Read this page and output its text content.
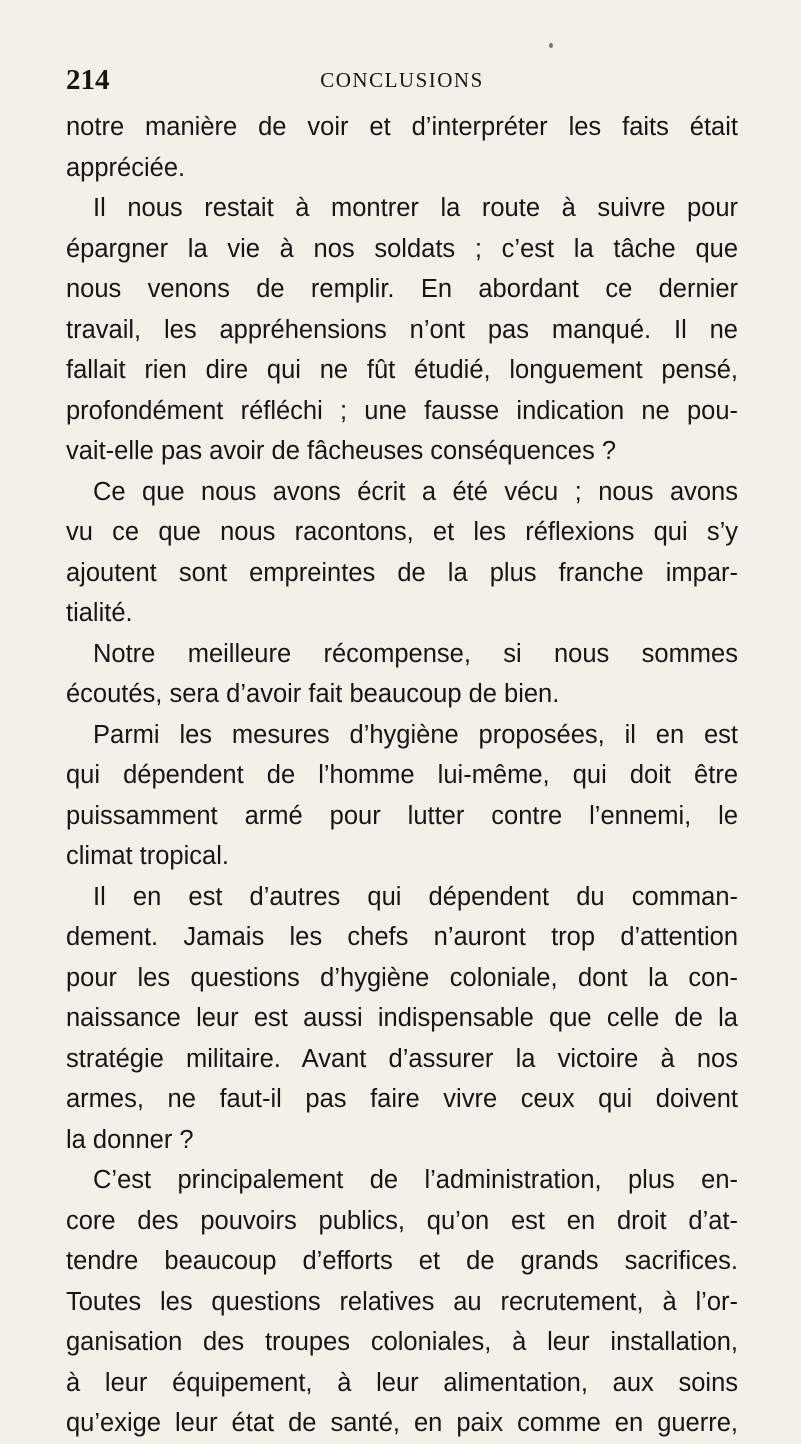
214	CONCLUSIONS
notre manière de voir et d’interpréter les faits était
appréciée.
Il nous restait à montrer la route à suivre pour
épargner la vie à nos soldats ; c’est la tâche que
nous venons de remplir. En abordant ce dernier
travail, les appréhensions n’ont pas manqué. Il ne
fallait rien dire qui ne fût étudié, longuement pensé,
profondément réfléchi ; une fausse indication ne pou-
vait-elle pas avoir de fâcheuses conséquences ?
Ce que nous avons écrit a été vécu ; nous avons
vu ce que nous racontons, et les réflexions qui s’y
ajoutent sont empreintes de la plus franche impar-
tialité.
Notre meilleure récompense, si nous sommes
écoutés, sera d’avoir fait beaucoup de bien.
Parmi les mesures d’hygiène proposées, il en est
qui dépendent de l’homme lui-même, qui doit être
puissamment armé pour lutter contre l’ennemi, le
climat tropical.
Il en est d’autres qui dépendent du comman-
dement. Jamais les chefs n’auront trop d’attention
pour les questions d’hygiène coloniale, dont la con-
naissance leur est aussi indispensable que celle de la
stratégie militaire. Avant d’assurer la victoire à nos
armes, ne faut-il pas faire vivre ceux qui doivent
la donner ?
C’est principalement de l’administration, plus en-
core des pouvoirs publics, qu’on est en droit d’at-
tendre beaucoup d’efforts et de grands sacrifices.
Toutes les questions relatives au recrutement, à l’or-
ganisation des troupes coloniales, à leur installation,
à leur équipement, à leur alimentation, aux soins
qu’exige leur état de santé, en paix comme en guerre,
